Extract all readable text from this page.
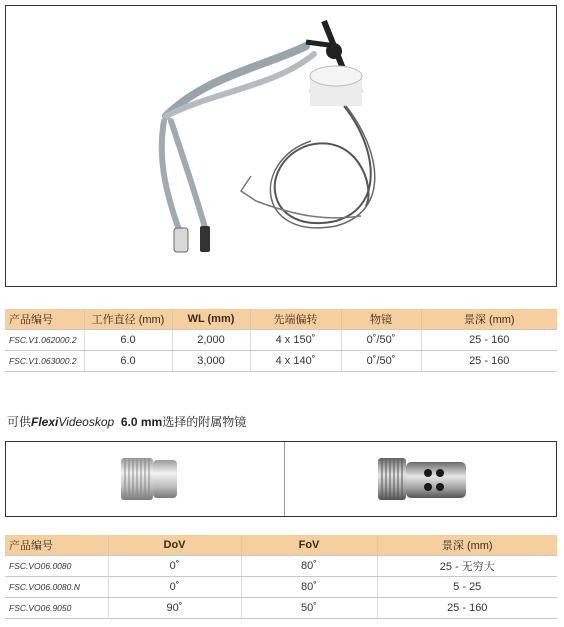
产品编号	工作直径 (mm)	WL (mm)	先端偏转	物镜	景深 (mm)
FSC.V1.062000.2	6.0	2,000	4 x 150˚	0˚/50˚	25 - 160
FSC.V1.063000.2	6.0	3,000	4 x 140˚	0˚/50˚	25 - 160
可供FlexiVideoskop 6.0 mm选择的附属物镜
产品编号	DoV	FoV	景深 (mm)
FSC.VO06.0080	0˚	80˚	25 - 无穷大
FSC.VO06.0080.N	0˚	80˚	5 - 25
FSC.VO06.9050	90˚	50˚	25 - 160
